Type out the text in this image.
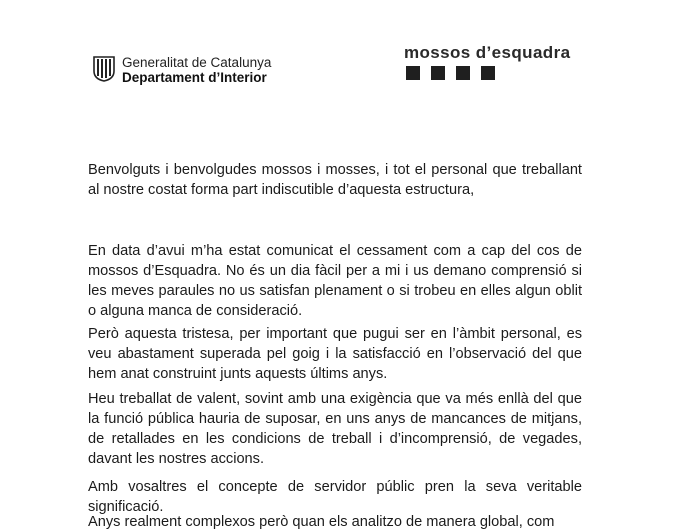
Generalitat de Catalunya
Departament d’Interior
mossos d’esquadra

Benvolguts i benvolgudes mossos i mosses, i tot el personal que treballant al nostre costat forma part indiscutible d’aquesta estructura,

En data d’avui m’ha estat comunicat el cessament com a cap del cos de mossos d’Esquadra. No és un dia fàcil per a mi i us demano comprensió si les meves paraules no us satisfan plenament o si trobeu en elles algun oblit o alguna manca de consideració.

Però aquesta tristesa, per important que pugui ser en l’àmbit personal, es veu abastament superada pel goig i la satisfacció en l’observació del que hem anat construint junts aquests últims anys.

Heu treballat de valent, sovint amb una exigència que va més enllà del que la funció pública hauria de suposar, en uns anys de mancances de mitjans, de retallades en les condicions de treball i d’incomprensió, de vegades, davant les nostres accions.

Amb vosaltres el concepte de servidor públic pren la seva veritable significació.

Anys realment complexos però quan els analitzo de manera global, com
